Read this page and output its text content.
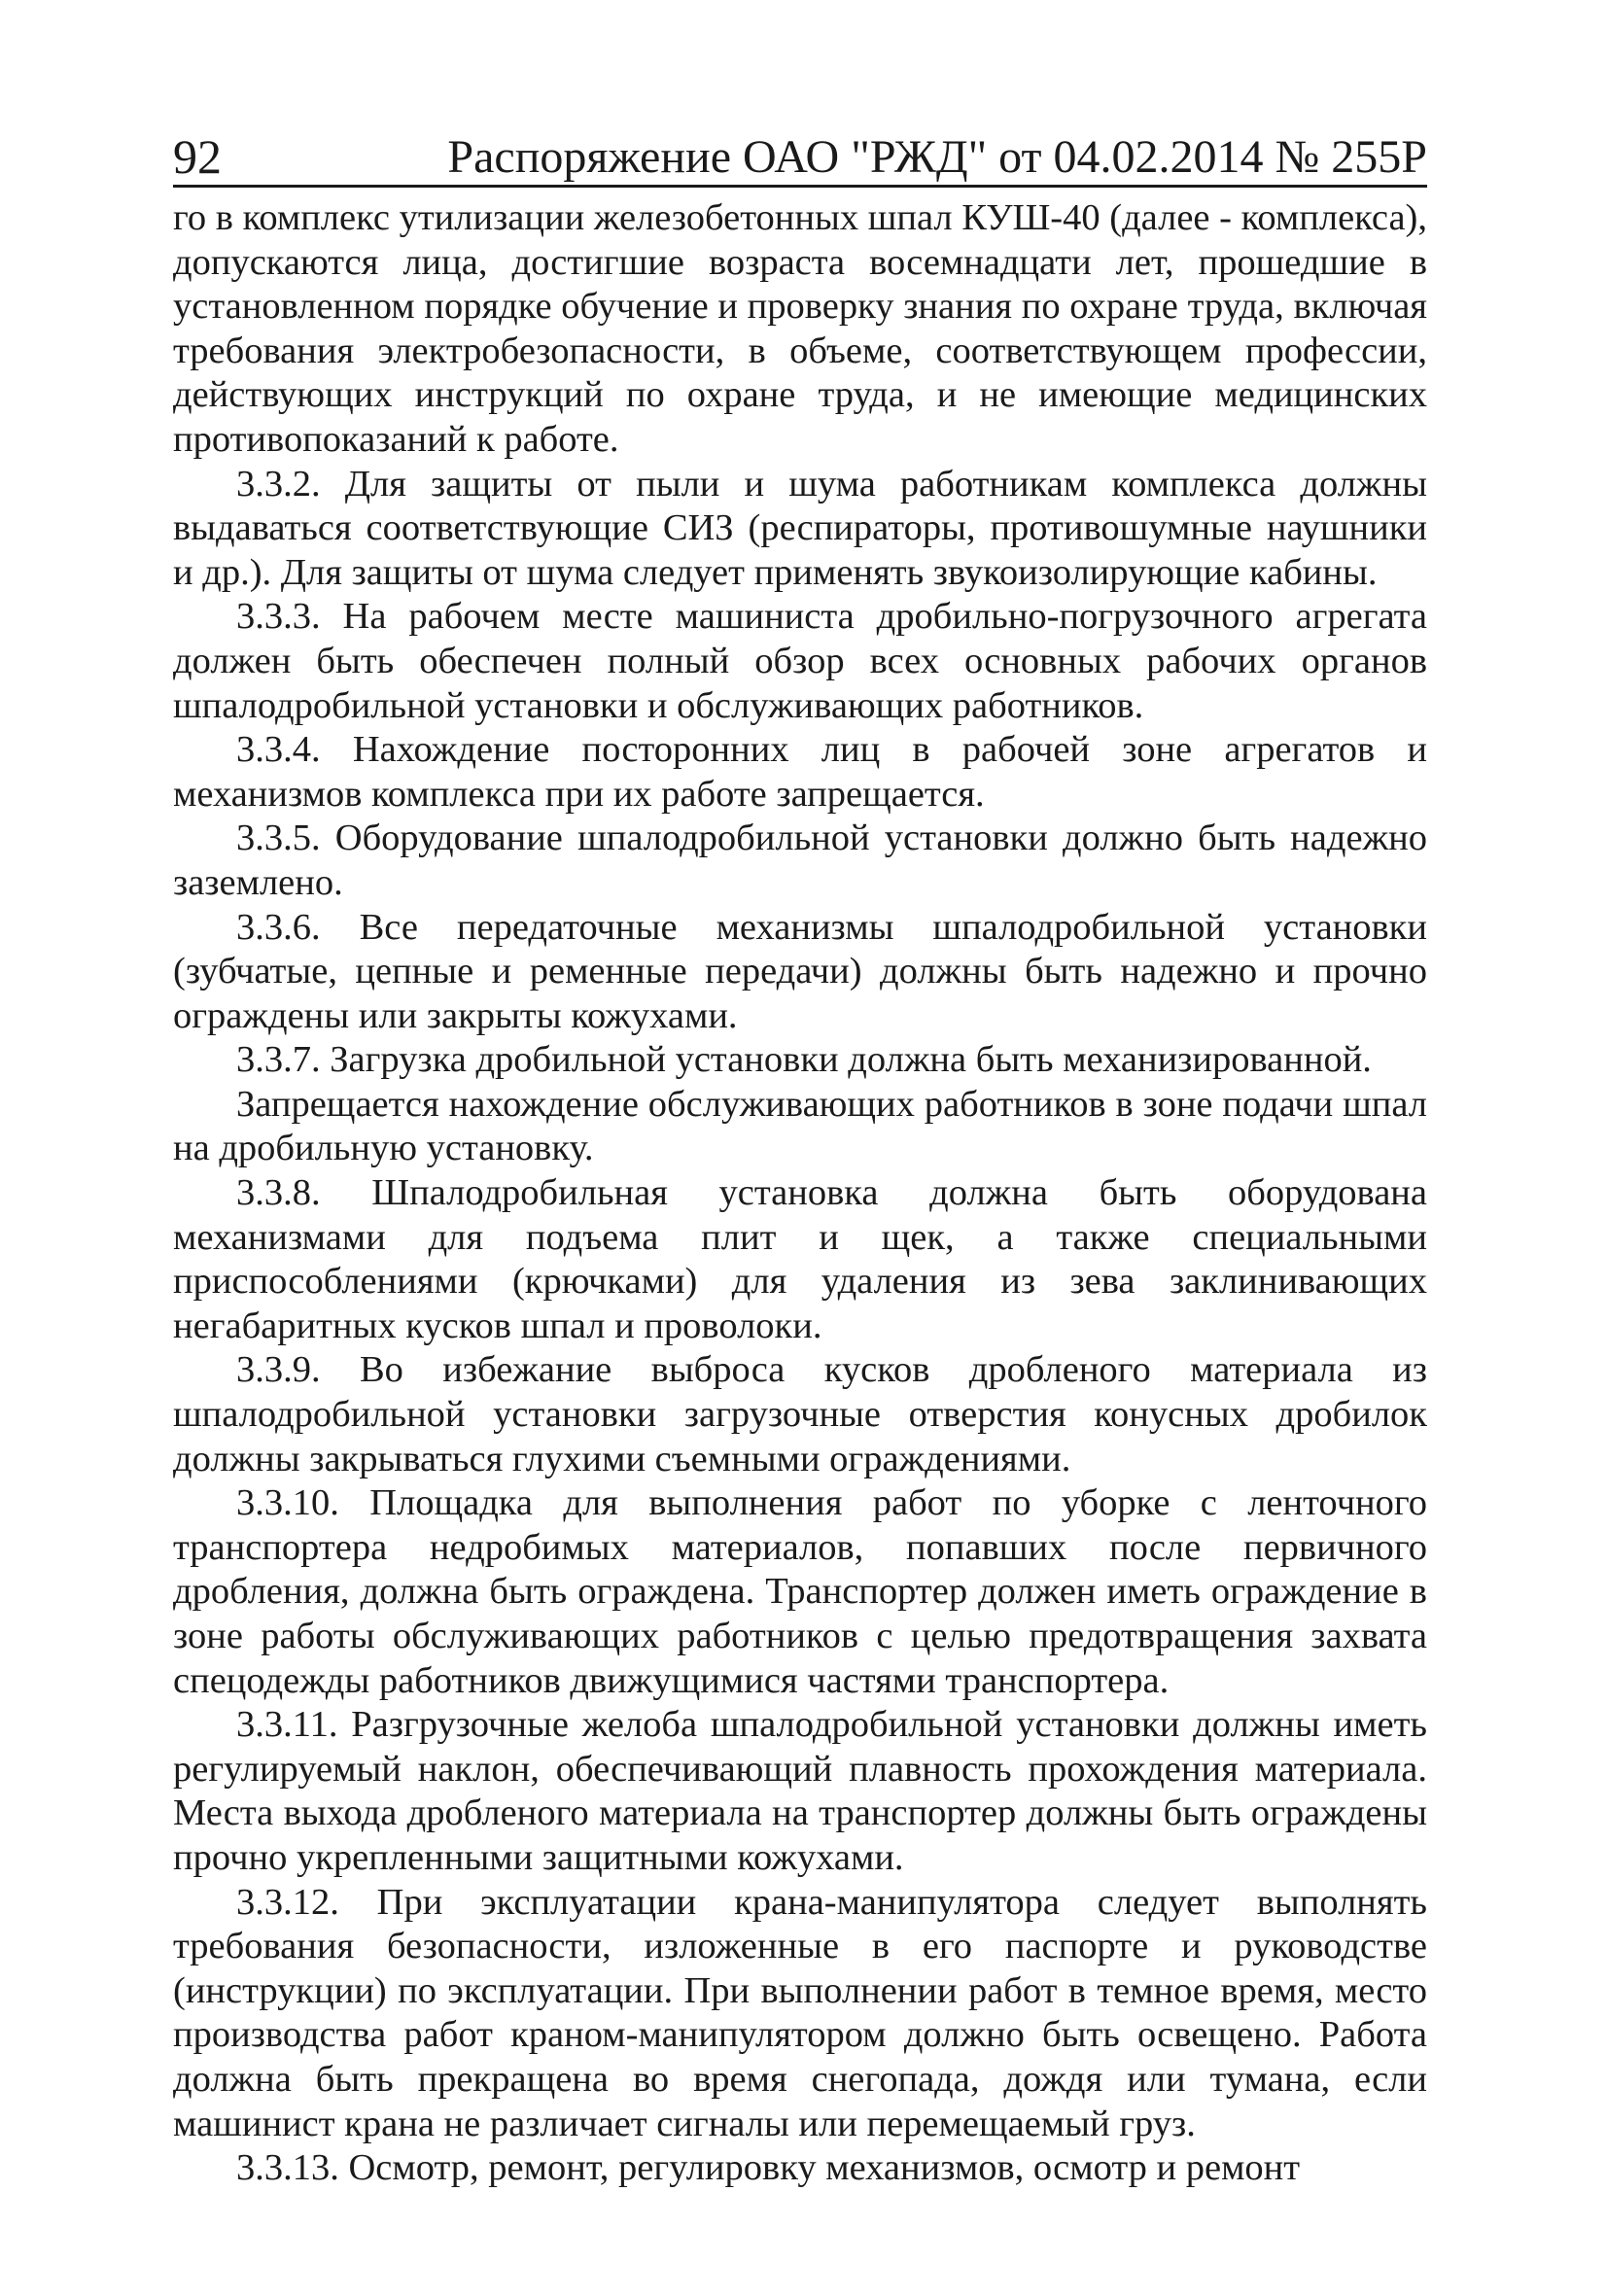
92	Распоряжение ОАО "РЖД" от 04.02.2014 № 255Р

го в комплекс утилизации железобетонных шпал КУШ-40 (далее - комплекса), допускаются лица, достигшие возраста восемнадцати лет, прошедшие в установленном порядке обучение и проверку знания по охране труда, включая требования электробезопасности, в объеме, соответствующем профессии, действующих инструкций по охране труда, и не имеющие медицинских противопоказаний к работе.

3.3.2. Для защиты от пыли и шума работникам комплекса должны выдаваться соответствующие СИЗ (респираторы, противошумные наушники и др.). Для защиты от шума следует применять звукоизолирующие кабины.

3.3.3. На рабочем месте машиниста дробильно-погрузочного агрегата должен быть обеспечен полный обзор всех основных рабочих органов шпалодробильной установки и обслуживающих работников.

3.3.4. Нахождение посторонних лиц в рабочей зоне агрегатов и механизмов комплекса при их работе запрещается.

3.3.5. Оборудование шпалодробильной установки должно быть надежно заземлено.

3.3.6. Все передаточные механизмы шпалодробильной установки (зубчатые, цепные и ременные передачи) должны быть надежно и прочно ограждены или закрыты кожухами.

3.3.7. Загрузка дробильной установки должна быть механизированной.

Запрещается нахождение обслуживающих работников в зоне подачи шпал на дробильную установку.

3.3.8. Шпалодробильная установка должна быть оборудована механизмами для подъема плит и щек, а также специальными приспособлениями (крючками) для удаления из зева заклинивающих негабаритных кусков шпал и проволоки.

3.3.9. Во избежание выброса кусков дробленого материала из шпалодробильной установки загрузочные отверстия конусных дробилок должны закрываться глухими съемными ограждениями.

3.3.10. Площадка для выполнения работ по уборке с ленточного транспортера недробимых материалов, попавших после первичного дробления, должна быть ограждена. Транспортер должен иметь ограждение в зоне работы обслуживающих работников с целью предотвращения захвата спецодежды работников движущимися частями транспортера.

3.3.11. Разгрузочные желоба шпалодробильной установки должны иметь регулируемый наклон, обеспечивающий плавность прохождения материала. Места выхода дробленого материала на транспортер должны быть ограждены прочно укрепленными защитными кожухами.

3.3.12. При эксплуатации крана-манипулятора следует выполнять требования безопасности, изложенные в его паспорте и руководстве (инструкции) по эксплуатации. При выполнении работ в темное время, место производства работ краном-манипулятором должно быть освещено. Работа должна быть прекращена во время снегопада, дождя или тумана, если машинист крана не различает сигналы или перемещаемый груз.

3.3.13. Осмотр, ремонт, регулировку механизмов, осмотр и ремонт
